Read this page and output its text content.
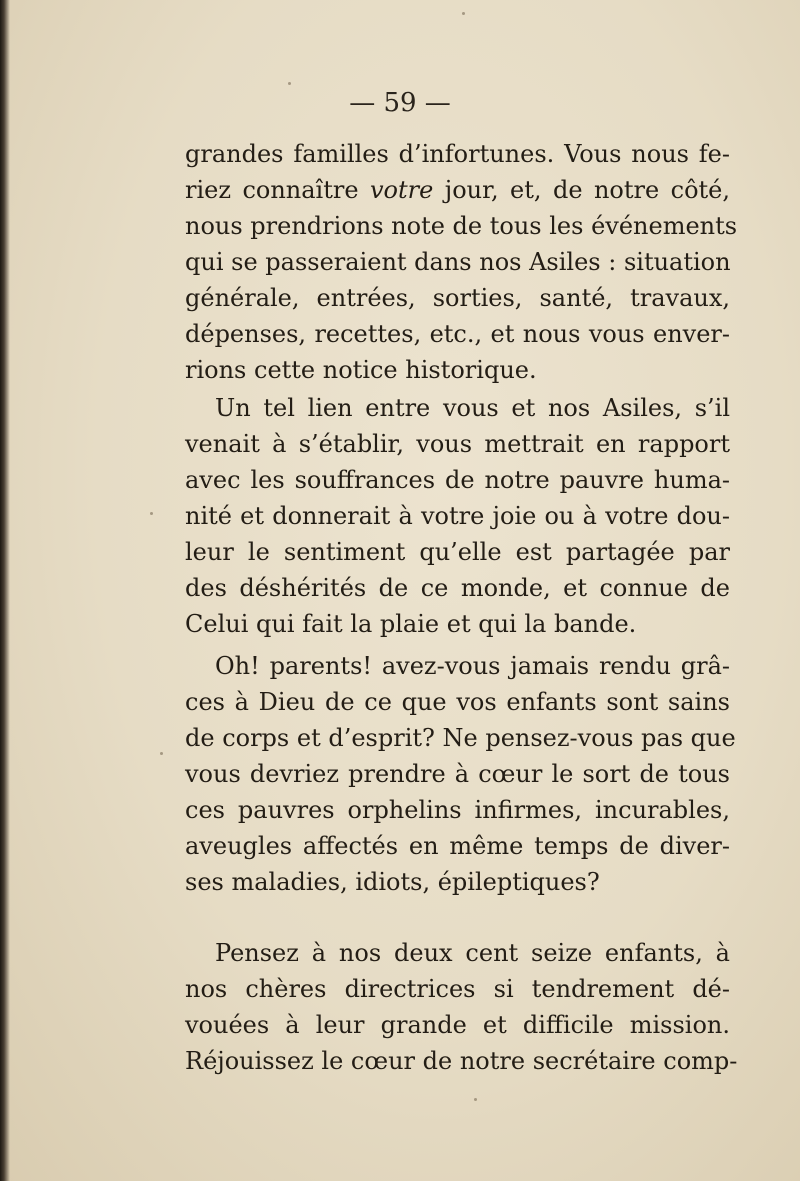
— 59 —
grandes familles d’infortunes. Vous nous fe-
riez connaître votre jour, et, de notre côté,
nous prendrions note de tous les événements
qui se passeraient dans nos Asiles : situation
générale, entrées, sorties, santé, travaux,
dépenses, recettes, etc., et nous vous enver-
rions cette notice historique.
Un tel lien entre vous et nos Asiles, s’il
venait à s’établir, vous mettrait en rapport
avec les souffrances de notre pauvre huma-
nité et donnerait à votre joie ou à votre dou-
leur le sentiment qu’elle est partagée par
des déshérités de ce monde, et connue de
Celui qui fait la plaie et qui la bande.
Oh! parents! avez-vous jamais rendu grâ-
ces à Dieu de ce que vos enfants sont sains
de corps et d’esprit? Ne pensez-vous pas que
vous devriez prendre à cœur le sort de tous
ces pauvres orphelins infirmes, incurables,
aveugles affectés en même temps de diver-
ses maladies, idiots, épileptiques?
Pensez à nos deux cent seize enfants, à
nos chères directrices si tendrement dé-
vouées à leur grande et difficile mission.
Réjouissez le cœur de notre secrétaire comp-
